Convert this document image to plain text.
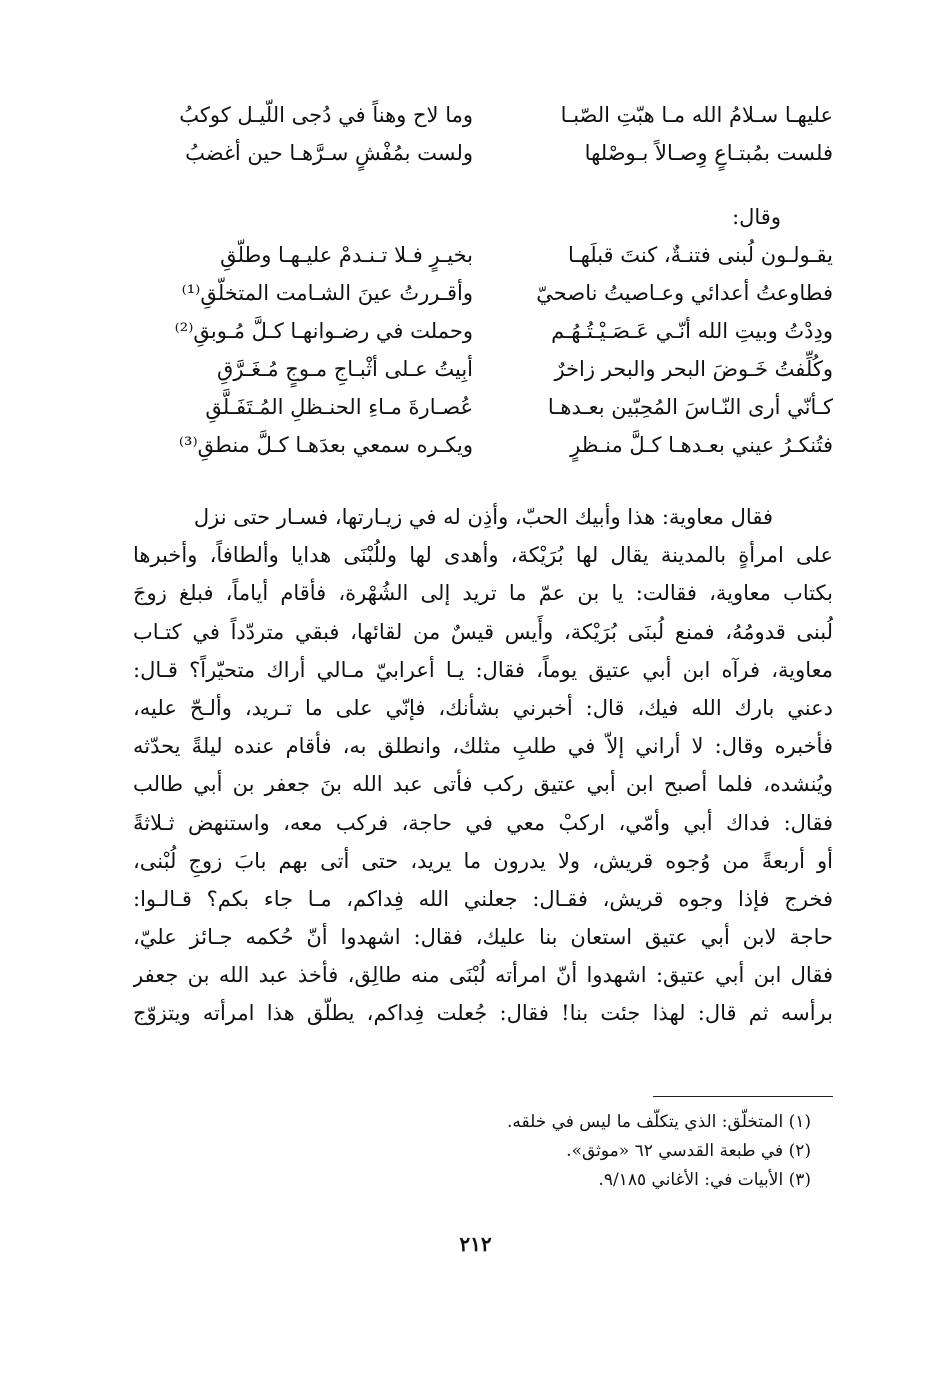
عليهـا سـلامُ الله مـا هبّتِ الصّبـا
وما لاح وهناً في دُجى اللّيـل كوكبُ
فلست بمُبتـاعٍ وِصـالاً بـوصْلها
ولست بمُفْشٍ سـرَّهـا حين أغضبُ
وقال:
يقـولـون لُبنى فتنـةٌ، كنتَ قبلَهـا
بخيـرٍ فـلا تـنـدمْ عليـهـا وطلّقِ
فطاوعتُ أعدائي وعـاصيتُ ناصحيّ
وأقـررتُ عينَ الشـامت المتخلّقِ⁽¹⁾
ودِدْتُ وبيتِ الله أنّـي عَـصَـيْـتُـهُـم
وحملت في رضـوانهـا كـلَّ مُـوبقِ⁽²⁾
وكُلِّفتُ خَـوضَ البحر والبحر زاخرٌ
أبِيتُ عـلى أثْبـاجِ مـوجٍ مُـغَـرَّقِ
كـأنّي أرى النّـاسَ المُحِبّين بعـدهـا
عُصـارةَ مـاءِ الحنـظلِ المُـتَفَـلَّقِ
فتُنكـرُ عيني بعـدهـا كـلَّ منـظرٍ
ويكـره سمعي بعدَهـا كـلَّ منطقِ⁽³⁾
فقال معاوية: هذا وأبيك الحبّ، وأذِن له في زيـارتها، فسـار حتى نزل
على امرأةٍ بالمدينة يقال لها بُرَيْكة، وأهدى لها وللُبْنَى هدايا وألطافاً، وأخبرها
بكتاب معاوية، فقالت: يا بن عمّ ما تريد إلى الشُهْرة، فأقام أياماً، فبلغ زوجَ
لُبنى قدومُهُ، فمنع لُبنَى بُرَيْكة، وأَيس قيسٌ من لقائها، فبقي متردّداً في كتـاب
معاوية، فرآه ابن أبي عتيق يوماً، فقال: يـا أعرابيّ مـالي أراك متحيّراً؟ قـال:
دعني بارك الله فيك، قال: أخبرني بشأنك، فإنّي على ما تـريد، وألـحّ عليه،
فأخبره وقال: لا أراني إلاّ في طلبِ مثلك، وانطلق به، فأقام عنده ليلةً يحدّثه
ويُنشده، فلما أصبح ابن أبي عتيق ركب فأتى عبد الله بنَ جعفر بن أبي طالب
فقال: فداك أبي وأمّي، اركبْ معي في حاجة، فركب معه، واستنهض ثـلاثةً
أو أربعةً من وُجوه قريش، ولا يدرون ما يريد، حتى أتى بهم بابَ زوجِ لُبْنى،
فخرج فإذا وجوه قريش، فقـال: جعلني الله فِداكم، مـا جاء بكم؟ قـالـوا:
حاجة لابن أبي عتيق استعان بنا عليك، فقال: اشهدوا أنّ حُكمه جـائز عليّ،
فقال ابن أبي عتيق: اشهدوا أنّ امرأته لُبْنَى منه طالِق، فأخذ عبد الله بن جعفر
برأسه ثم قال: لهذا جئت بنا! فقال: جُعلت فِداكم، يطلّق هذا امرأته ويتزوّج
(١) المتخلّق: الذي يتكلّف ما ليس في خلقه.
(٢) في طبعة القدسي ٦٢ «موثق».
(٣) الأبيات في: الأغاني ٩/١٨٥.
٢١٢
